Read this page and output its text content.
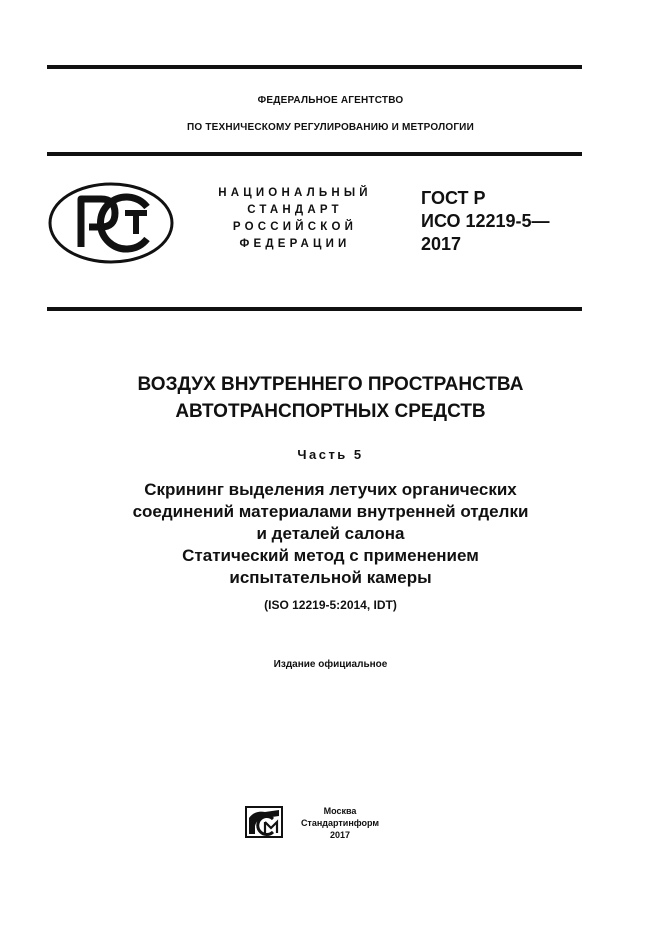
ФЕДЕРАЛЬНОЕ АГЕНТСТВО
ПО ТЕХНИЧЕСКОМУ РЕГУЛИРОВАНИЮ И МЕТРОЛОГИИ
НАЦИОНАЛЬНЫЙ
СТАНДАРТ
РОССИЙСКОЙ
ФЕДЕРАЦИИ
ГОСТ Р
ИСО 12219-5—
2017
ВОЗДУХ ВНУТРЕННЕГО ПРОСТРАНСТВА
АВТОТРАНСПОРТНЫХ СРЕДСТВ
Часть 5
Скрининг выделения летучих органических
соединений материалами внутренней отделки
и деталей салона
Статический метод с применением
испытательной камеры
(ISO 12219-5:2014, IDT)
Издание официальное
Москва
Стандартинформ
2017
